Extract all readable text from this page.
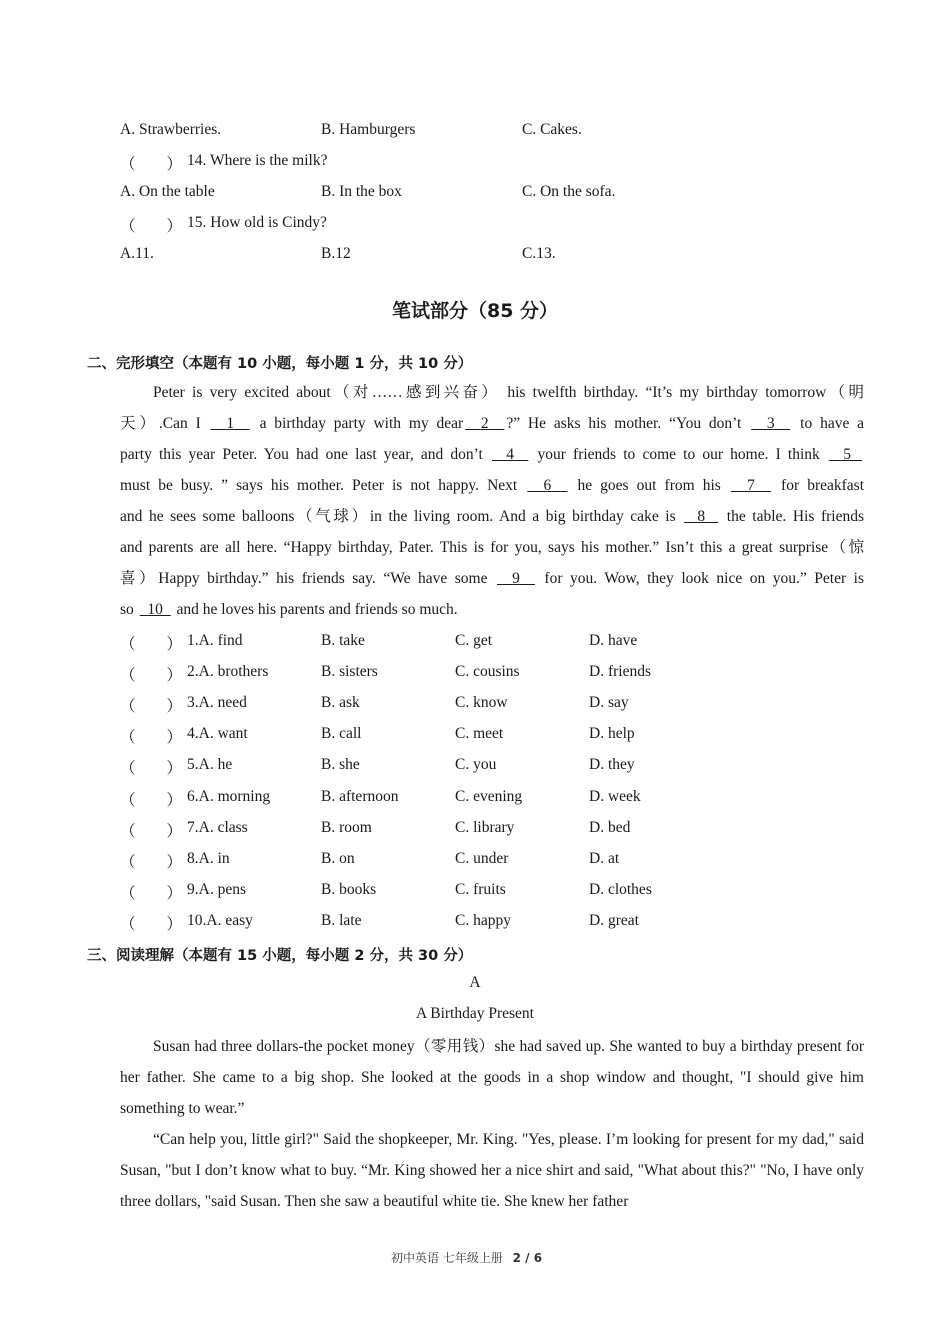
A. Strawberries.	B. Hamburgers	C. Cakes.
（　　） 14. Where is the milk?
A. On the table	B. In the box	C. On the sofa.
（　　） 15. How old is Cindy?
A.11.	B.12	C.13.
笔试部分（85 分）
二、完形填空（本题有 10 小题，每小题 1 分，共 10 分）
Peter is very excited about（对……感到兴奋） his twelfth birthday. “It’s my birthday tomorrow（明
天）.Can I   1   a birthday party with my dear 2 ?” He asks his mother. “You don’t   3   to have a
party this year Peter. You had one last year, and don’t   4   your friends to come to our home. I think   5
must be busy. ” says his mother. Peter is not happy. Next   6   he goes out from his   7   for breakfast
and he sees some balloons（气球）in the living room. And a big birthday cake is   8   the table. His friends
and parents are all here. “Happy birthday, Pater. This is for you, says his mother.” Isn’t this a great surprise（惊
喜）Happy birthday.” his friends say. “We have some   9   for you. Wow, they look nice on you.” Peter is
so   10   and he loves his parents and friends so much.
（　　） 1.A. find	B. take	C. get	D. have
（　　） 2.A. brothers	B. sisters	C. cousins	D. friends
（　　） 3.A. need	B. ask	C. know	D. say
（　　） 4.A. want	B. call	C. meet	D. help
（　　） 5.A. he	B. she	C. you	D. they
（　　） 6.A. morning	B. afternoon	C. evening	D. week
（　　） 7.A. class	B. room	C. library	D. bed
（　　） 8.A. in	B. on	C. under	D. at
（　　） 9.A. pens	B. books	C. fruits	D. clothes
（　　） 10.A. easy	B. late	C. happy	D. great
三、阅读理解（本题有 15 小题，每小题 2 分，共 30 分）
A
A Birthday Present
Susan had three dollars-the pocket money（零用钱）she had saved up. She wanted to buy a birthday present for her father. She came to a big shop. She looked at the goods in a shop window and thought, "I should give him something to wear.”
“Can help you, little girl?" Said the shopkeeper, Mr. King. "Yes, please. I’m looking for present for my dad," said Susan, "but I don’t know what to buy. “Mr. King showed her a nice shirt and said, "What about this?" "No, I have only three dollars, "said Susan. Then she saw a beautiful white tie. She knew her father
初中英语 七年级上册 2 / 6
